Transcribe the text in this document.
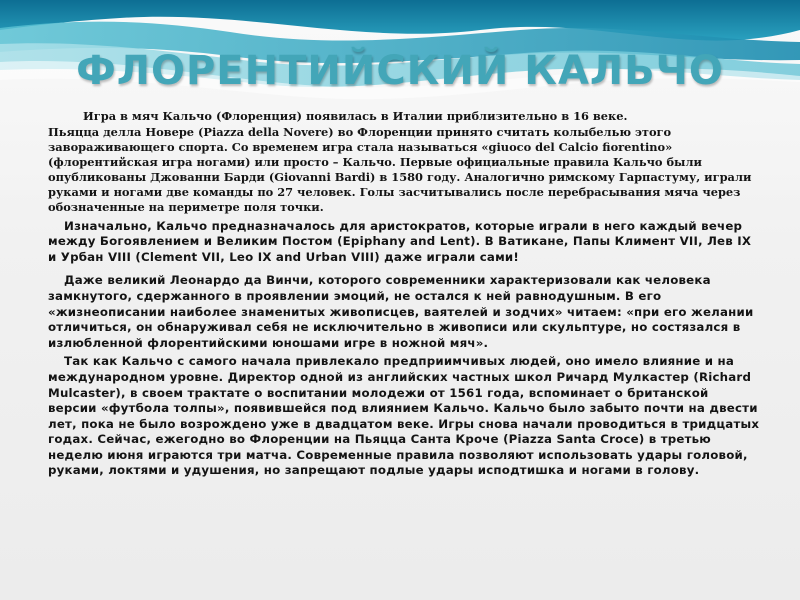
ФЛОРЕНТИЙСКИЙ КАЛЬЧО

Игра в мяч Кальчо (Флоренция) появилась в Италии приблизительно в 16 веке.

Пьяцца делла Новере (Piazza della Novere) во Флоренции принято считать колыбелью этого завораживающего спорта. Со временем игра стала называться «giuoco del Calcio fiorentino» (флорентийская игра ногами) или просто – Кальчо. Первые официальные правила Кальчо были опубликованы Джованни Барди (Giovanni Bardi) в 1580 году. Аналогично римскому Гарпастуму, играли руками и ногами две команды по 27 человек. Голы засчитывались после перебрасывания мяча через обозначенные на периметре поля точки.

Изначально, Кальчо предназначалось для аристократов, которые играли в него каждый вечер между Богоявлением и Великим Постом (Epiphany and Lent). В Ватикане, Папы Климент VII, Лев IX и Урбан VIII (Clement VII, Leo IX and Urban VIII) даже играли сами!

Даже великий Леонардо да Винчи, которого современники характеризовали как человека замкнутого, сдержанного в проявлении эмоций, не остался к ней равнодушным. В его «жизнеописании наиболее знаменитых живописцев, ваятелей и зодчих» читаем: «при его желании отличиться, он обнаруживал себя не исключительно в живописи или скульптуре, но состязался в излюбленной флорентийскими юношами игре в ножной мяч».

Так как Кальчо с самого начала привлекало предприимчивых людей, оно имело влияние и на международном уровне. Директор одной из английских частных школ Ричард Мулкастер (Richard Mulcaster), в своем трактате о воспитании молодежи от 1561 года, вспоминает о британской версии «футбола толпы», появившейся под влиянием Кальчо. Кальчо было забыто почти на двести лет, пока не было возрождено уже в двадцатом веке. Игры снова начали проводиться в тридцатых годах. Сейчас, ежегодно во Флоренции на Пьяцца Санта Кроче (Piazza Santa Croce) в третью неделю июня играются три матча. Современные правила позволяют использовать удары головой, руками, локтями и удушения, но запрещают подлые удары исподтишка и ногами в голову.
